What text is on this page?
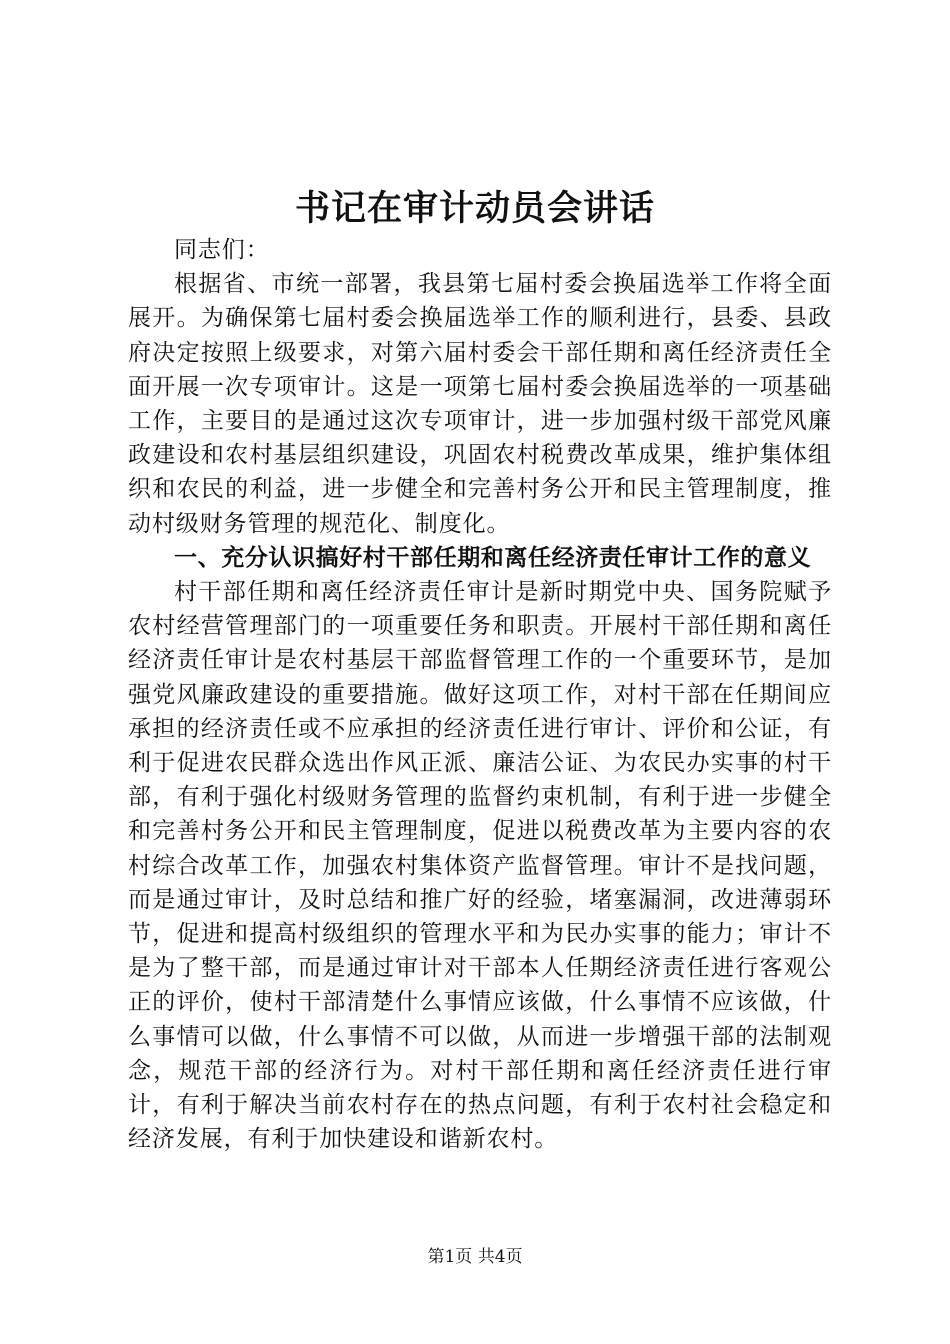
书记在审计动员会讲话

同志们：

根据省、市统一部署，我县第七届村委会换届选举工作将全面展开。为确保第七届村委会换届选举工作的顺利进行，县委、县政府决定按照上级要求，对第六届村委会干部任期和离任经济责任全面开展一次专项审计。这是一项第七届村委会换届选举的一项基础工作，主要目的是通过这次专项审计，进一步加强村级干部党风廉政建设和农村基层组织建设，巩固农村税费改革成果，维护集体组织和农民的利益，进一步健全和完善村务公开和民主管理制度，推动村级财务管理的规范化、制度化。

一、充分认识搞好村干部任期和离任经济责任审计工作的意义

村干部任期和离任经济责任审计是新时期党中央、国务院赋予农村经营管理部门的一项重要任务和职责。开展村干部任期和离任经济责任审计是农村基层干部监督管理工作的一个重要环节，是加强党风廉政建设的重要措施。做好这项工作，对村干部在任期间应承担的经济责任或不应承担的经济责任进行审计、评价和公证，有利于促进农民群众选出作风正派、廉洁公证、为农民办实事的村干部，有利于强化村级财务管理的监督约束机制，有利于进一步健全和完善村务公开和民主管理制度，促进以税费改革为主要内容的农村综合改革工作，加强农村集体资产监督管理。审计不是找问题，而是通过审计，及时总结和推广好的经验，堵塞漏洞，改进薄弱环节，促进和提高村级组织的管理水平和为民办实事的能力；审计不是为了整干部，而是通过审计对干部本人任期经济责任进行客观公正的评价，使村干部清楚什么事情应该做，什么事情不应该做，什么事情可以做，什么事情不可以做，从而进一步增强干部的法制观念，规范干部的经济行为。对村干部任期和离任经济责任进行审计，有利于解决当前农村存在的热点问题，有利于农村社会稳定和经济发展，有利于加快建设和谐新农村。

第1页 共4页
